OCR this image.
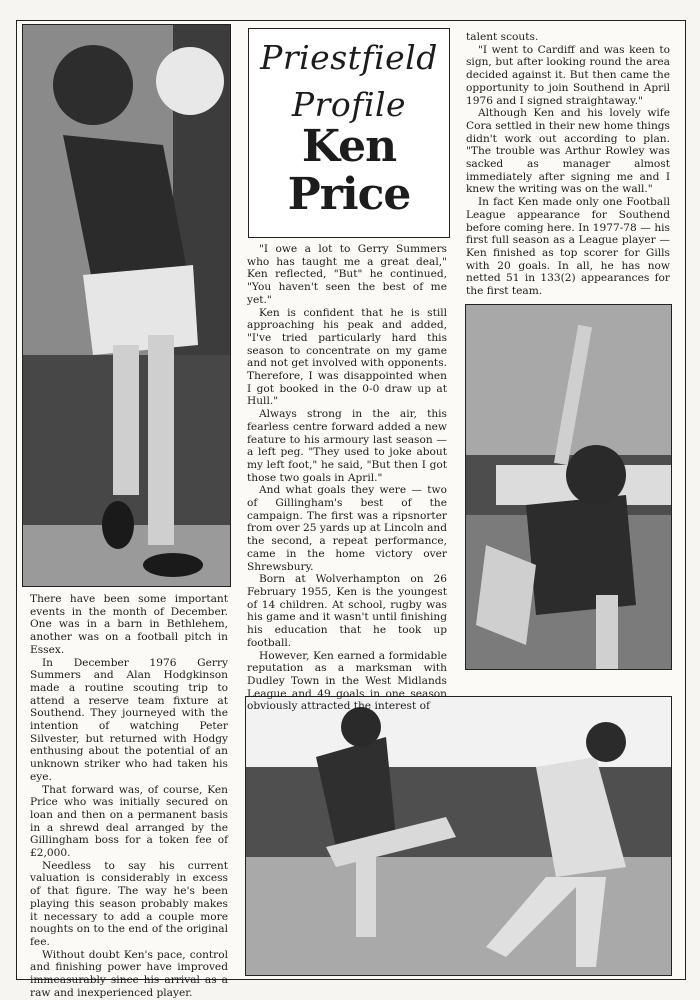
Priestfield
Profile
Ken
Price

There have been some important events in the month of December. One was in a barn in Bethlehem, another was on a football pitch in Essex.

In December 1976 Gerry Summers and Alan Hodgkinson made a routine scouting trip to attend a reserve team fixture at Southend. They journeyed with the intention of watching Peter Silvester, but returned with Hodgy enthusing about the potential of an unknown striker who had taken his eye.

That forward was, of course, Ken Price who was initially secured on loan and then on a permanent basis in a shrewd deal arranged by the Gillingham boss for a token fee of £2,000.

Needless to say his current valuation is considerably in excess of that figure. The way he's been playing this season probably makes it necessary to add a couple more noughts on to the end of the original fee.

Without doubt Ken's pace, control and finishing power have improved immeasurably since his arrival as a raw and inexperienced player.

"I owe a lot to Gerry Summers who has taught me a great deal," Ken reflected, "But" he continued, "You haven't seen the best of me yet."

Ken is confident that he is still approaching his peak and added, "I've tried particularly hard this season to concentrate on my game and not get involved with opponents. Therefore, I was disappointed when I got booked in the 0-0 draw up at Hull."

Always strong in the air, this fearless centre forward added a new feature to his armoury last season — a left peg. "They used to joke about my left foot," he said, "But then I got those two goals in April."

And what goals they were — two of Gillingham's best of the campaign. The first was a ripsnorter from over 25 yards up at Lincoln and the second, a repeat performance, came in the home victory over Shrewsbury.

Born at Wolverhampton on 26 February 1955, Ken is the youngest of 14 children. At school, rugby was his game and it wasn't until finishing his education that he took up football.

However, Ken earned a formidable reputation as a marksman with Dudley Town in the West Midlands League and 49 goals in one season obviously attracted the interest of

talent scouts.

"I went to Cardiff and was keen to sign, but after looking round the area decided against it. But then came the opportunity to join Southend in April 1976 and I signed straightaway."

Although Ken and his lovely wife Cora settled in their new home things didn't work out according to plan. "The trouble was Arthur Rowley was sacked as manager almost immediately after signing me and I knew the writing was on the wall."

In fact Ken made only one Football League appearance for Southend before coming here. In 1977-78 — his first full season as a League player — Ken finished as top scorer for Gills with 20 goals. In all, he has now netted 51 in 133(2) appearances for the first team.
